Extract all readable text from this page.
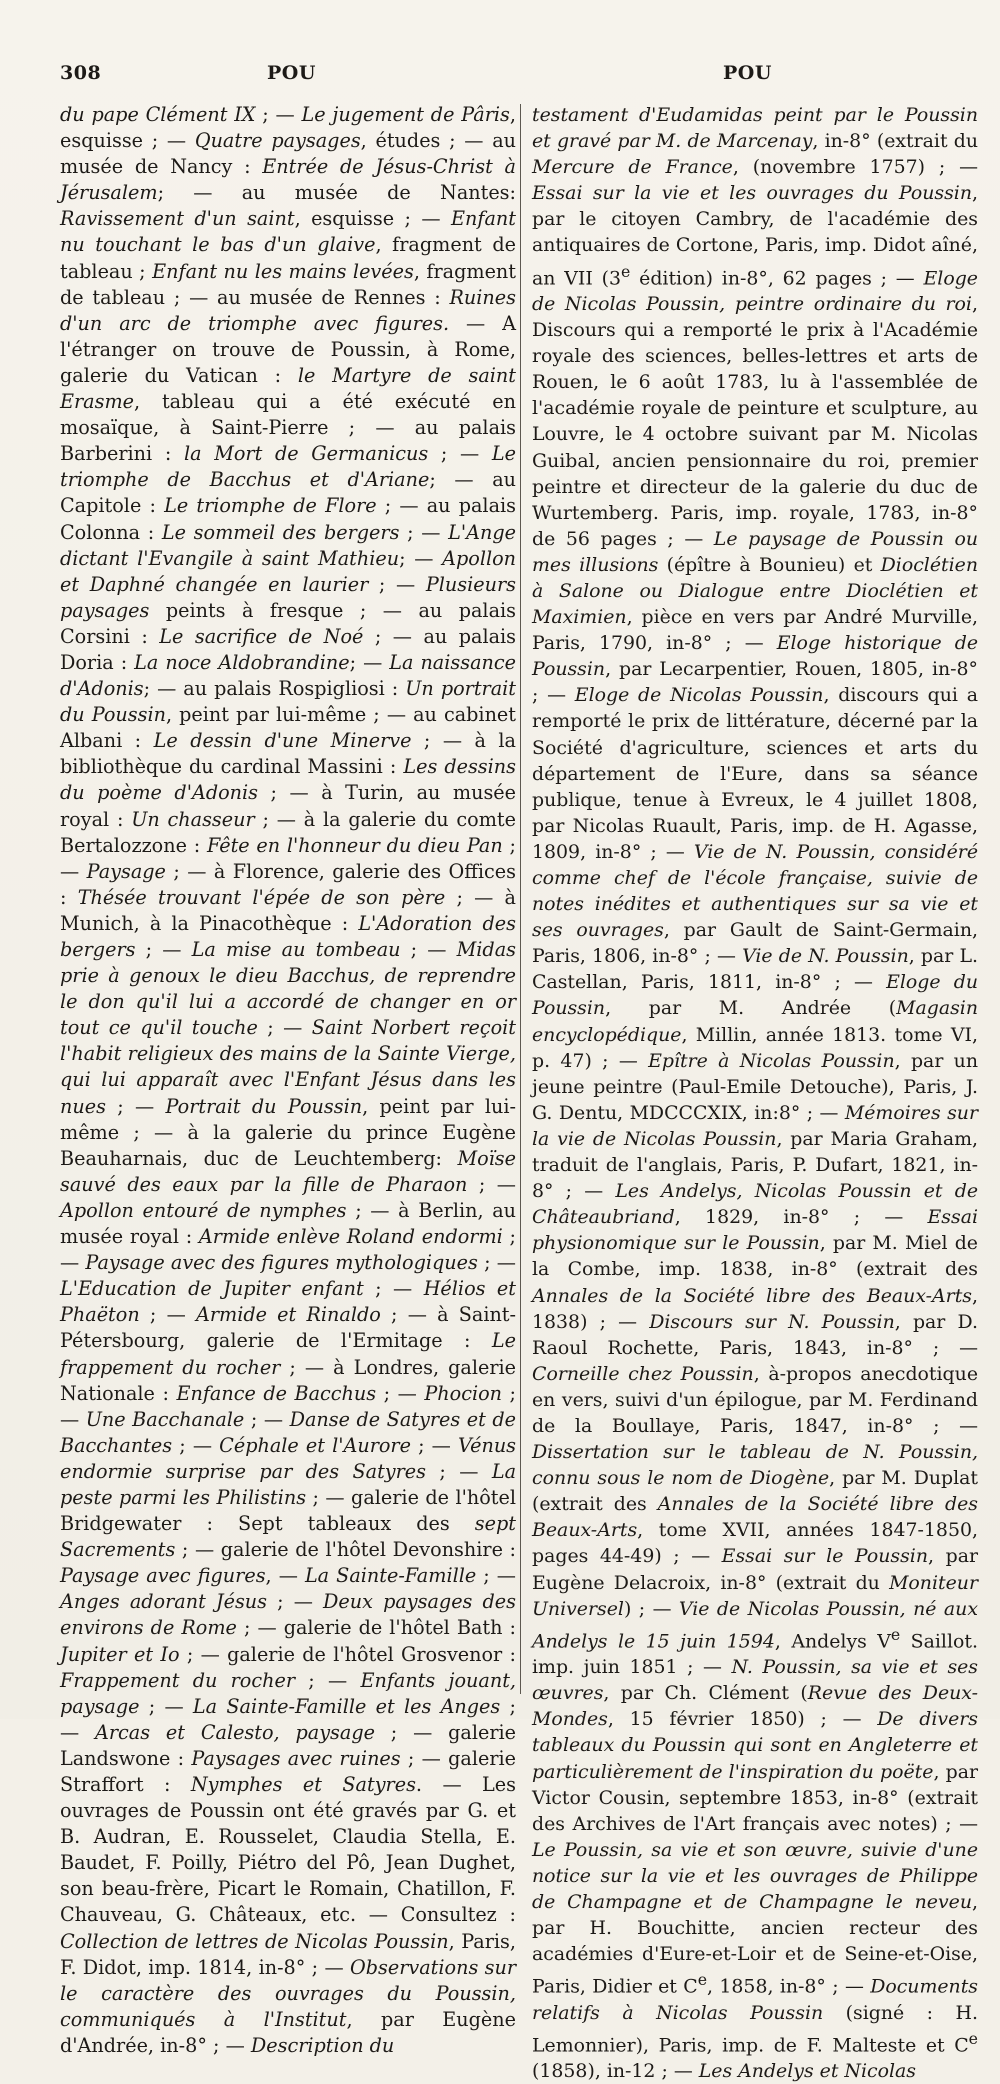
308	POU	POU

du pape Clément IX ; — Le jugement de Pâris, esquisse ; — Quatre paysages, études ; — au musée de Nancy : Entrée de Jésus-Christ à Jérusalem; — au musée de Nantes: Ravissement d'un saint, esquisse ; — Enfant nu touchant le bas d'un glaive, fragment de tableau ; Enfant nu les mains levées, fragment de tableau ; — au musée de Rennes : Ruines d'un arc de triomphe avec figures. — A l'étranger on trouve de Poussin, à Rome, galerie du Vatican : le Martyre de saint Erasme, tableau qui a été exécuté en mosaïque, à Saint-Pierre ; — au palais Barberini : la Mort de Germanicus ; — Le triomphe de Bacchus et d'Ariane; — au Capitole : Le triomphe de Flore ; — au palais Colonna : Le sommeil des bergers ; — L'Ange dictant l'Evangile à saint Mathieu; — Apollon et Daphné changée en laurier ; — Plusieurs paysages peints à fresque ; — au palais Corsini : Le sacrifice de Noé ; — au palais Doria : La noce Aldobrandine; — La naissance d'Adonis; — au palais Rospigliosi : Un portrait du Poussin, peint par lui-même ; — au cabinet Albani : Le dessin d'une Minerve ; — à la bibliothèque du cardinal Massini : Les dessins du poème d'Adonis ; — à Turin, au musée royal : Un chasseur ; — à la galerie du comte Bertalozzone : Fête en l'honneur du dieu Pan ; — Paysage ; — à Florence, galerie des Offices : Thésée trouvant l'épée de son père ; — à Munich, à la Pinacothèque : L'Adoration des bergers ; — La mise au tombeau ; — Midas prie à genoux le dieu Bacchus, de reprendre le don qu'il lui a accordé de changer en or tout ce qu'il touche ; — Saint Norbert reçoit l'habit religieux des mains de la Sainte Vierge, qui lui apparaît avec l'Enfant Jésus dans les nues ; — Portrait du Poussin, peint par lui-même ; — à la galerie du prince Eugène Beauharnais, duc de Leuchtemberg: Moïse sauvé des eaux par la fille de Pharaon ; — Apollon entouré de nymphes ; — à Berlin, au musée royal : Armide enlève Roland endormi ; — Paysage avec des figures mythologiques ; — L'Education de Jupiter enfant ; — Hélios et Phaëton ; — Armide et Rinaldo ; — à Saint-Pétersbourg, galerie de l'Ermitage : Le frappement du rocher ; — à Londres, galerie Nationale : Enfance de Bacchus ; — Phocion ; — Une Bacchanale ; — Danse de Satyres et de Bacchantes ; — Céphale et l'Aurore ; — Vénus endormie surprise par des Satyres ; — La peste parmi les Philistins ; — galerie de l'hôtel Bridgewater : Sept tableaux des sept Sacrements ; — galerie de l'hôtel Devonshire : Paysage avec figures, — La Sainte-Famille ; — Anges adorant Jésus ; — Deux paysages des environs de Rome ; — galerie de l'hôtel Bath : Jupiter et Io ; — galerie de l'hôtel Grosvenor : Frappement du rocher ; — Enfants jouant, paysage ; — La Sainte-Famille et les Anges ; — Arcas et Calesto, paysage ; — galerie Landswone : Paysages avec ruines ; — galerie Straffort : Nymphes et Satyres. — Les ouvrages de Poussin ont été gravés par G. et B. Audran, E. Rousselet, Claudia Stella, E. Baudet, F. Poilly, Piétro del Pô, Jean Dughet, son beau-frère, Picart le Romain, Chatillon, F. Chauveau, G. Châteaux, etc. — Consultez : Collection de lettres de Nicolas Poussin, Paris, F. Didot, imp. 1814, in-8° ; — Observations sur le caractère des ouvrages du Poussin, communiqués à l'Institut, par Eugène d'Andrée, in-8° ; — Description du

testament d'Eudamidas peint par le Poussin et gravé par M. de Marcenay, in-8° (extrait du Mercure de France, (novembre 1757) ; — Essai sur la vie et les ouvrages du Poussin, par le citoyen Cambry, de l'académie des antiquaires de Cortone, Paris, imp. Didot aîné, an VII (3e édition) in-8°, 62 pages ; — Eloge de Nicolas Poussin, peintre ordinaire du roi, Discours qui a remporté le prix à l'Académie royale des sciences, belles-lettres et arts de Rouen, le 6 août 1783, lu à l'assemblée de l'académie royale de peinture et sculpture, au Louvre, le 4 octobre suivant par M. Nicolas Guibal, ancien pensionnaire du roi, premier peintre et directeur de la galerie du duc de Wurtemberg. Paris, imp. royale, 1783, in-8° de 56 pages ; — Le paysage de Poussin ou mes illusions (épître à Bounieu) et Dioclétien à Salone ou Dialogue entre Dioclétien et Maximien, pièce en vers par André Murville, Paris, 1790, in-8° ; — Eloge historique de Poussin, par Lecarpentier, Rouen, 1805, in-8° ; — Eloge de Nicolas Poussin, discours qui a remporté le prix de littérature, décerné par la Société d'agriculture, sciences et arts du département de l'Eure, dans sa séance publique, tenue à Evreux, le 4 juillet 1808, par Nicolas Ruault, Paris, imp. de H. Agasse, 1809, in-8° ; — Vie de N. Poussin, considéré comme chef de l'école française, suivie de notes inédites et authentiques sur sa vie et ses ouvrages, par Gault de Saint-Germain, Paris, 1806, in-8° ; — Vie de N. Poussin, par L. Castellan, Paris, 1811, in-8° ; — Eloge du Poussin, par M. Andrée (Magasin encyclopédique, Millin, année 1813. tome VI, p. 47) ; — Epître à Nicolas Poussin, par un jeune peintre (Paul-Emile Detouche), Paris, J. G. Dentu, MDCCCXIX, in:8° ; — Mémoires sur la vie de Nicolas Poussin, par Maria Graham, traduit de l'anglais, Paris, P. Dufart, 1821, in-8° ; — Les Andelys, Nicolas Poussin et de Châteaubriand, 1829, in-8° ; — Essai physionomique sur le Poussin, par M. Miel de la Combe, imp. 1838, in-8° (extrait des Annales de la Société libre des Beaux-Arts, 1838) ; — Discours sur N. Poussin, par D. Raoul Rochette, Paris, 1843, in-8° ; — Corneille chez Poussin, à-propos anecdotique en vers, suivi d'un épilogue, par M. Ferdinand de la Boullaye, Paris, 1847, in-8° ; — Dissertation sur le tableau de N. Poussin, connu sous le nom de Diogène, par M. Duplat (extrait des Annales de la Société libre des Beaux-Arts, tome XVII, années 1847-1850, pages 44-49) ; — Essai sur le Poussin, par Eugène Delacroix, in-8° (extrait du Moniteur Universel) ; — Vie de Nicolas Poussin, né aux Andelys le 15 juin 1594, Andelys Ve Saillot. imp. juin 1851 ; — N. Poussin, sa vie et ses œuvres, par Ch. Clément (Revue des Deux-Mondes, 15 février 1850) ; — De divers tableaux du Poussin qui sont en Angleterre et particulièrement de l'inspiration du poëte, par Victor Cousin, septembre 1853, in-8° (extrait des Archives de l'Art français avec notes) ; — Le Poussin, sa vie et son œuvre, suivie d'une notice sur la vie et les ouvrages de Philippe de Champagne et de Champagne le neveu, par H. Bouchitte, ancien recteur des académies d'Eure-et-Loir et de Seine-et-Oise, Paris, Didier et Ce, 1858, in-8° ; — Documents relatifs à Nicolas Poussin (signé : H. Lemonnier), Paris, imp. de F. Malteste et Ce (1858), in-12 ; — Les Andelys et Nicolas
